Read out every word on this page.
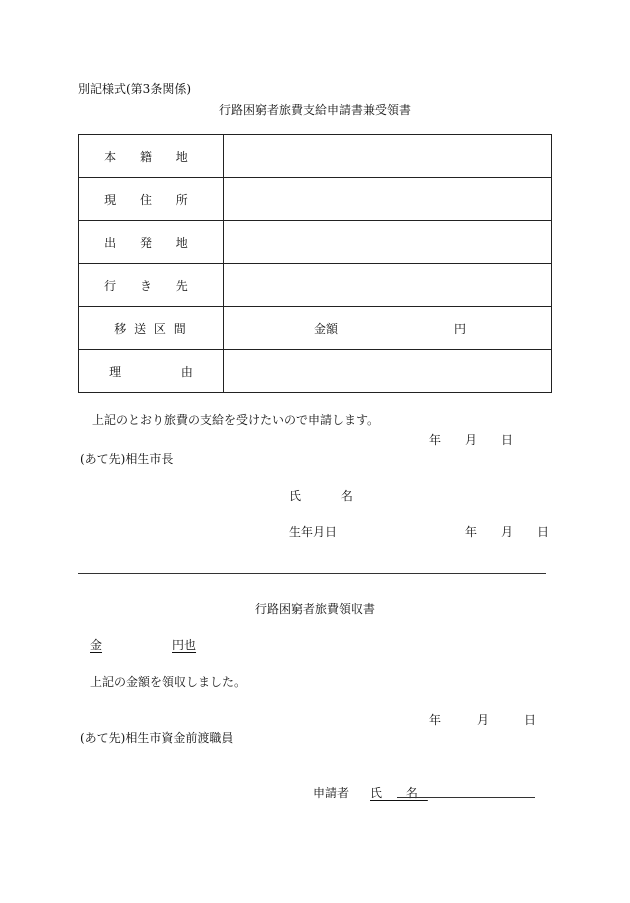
別記様式(第3条関係)
行路困窮者旅費支給申請書兼受領書
本 籍 地	
現 住 所	
出 発 地	
行 き 先	
移 送 区 間	金額 円

理 由	
上記のとおり旅費の支給を受けたいので申請します。
年 月 日
(あて先)相生市長
氏 名
生年月日	年 月 日
行路困窮者旅費領収書
金	円也
上記の金額を領収しました。
年	月	日
(あて先)相生市資金前渡職員
申請者 氏 名
